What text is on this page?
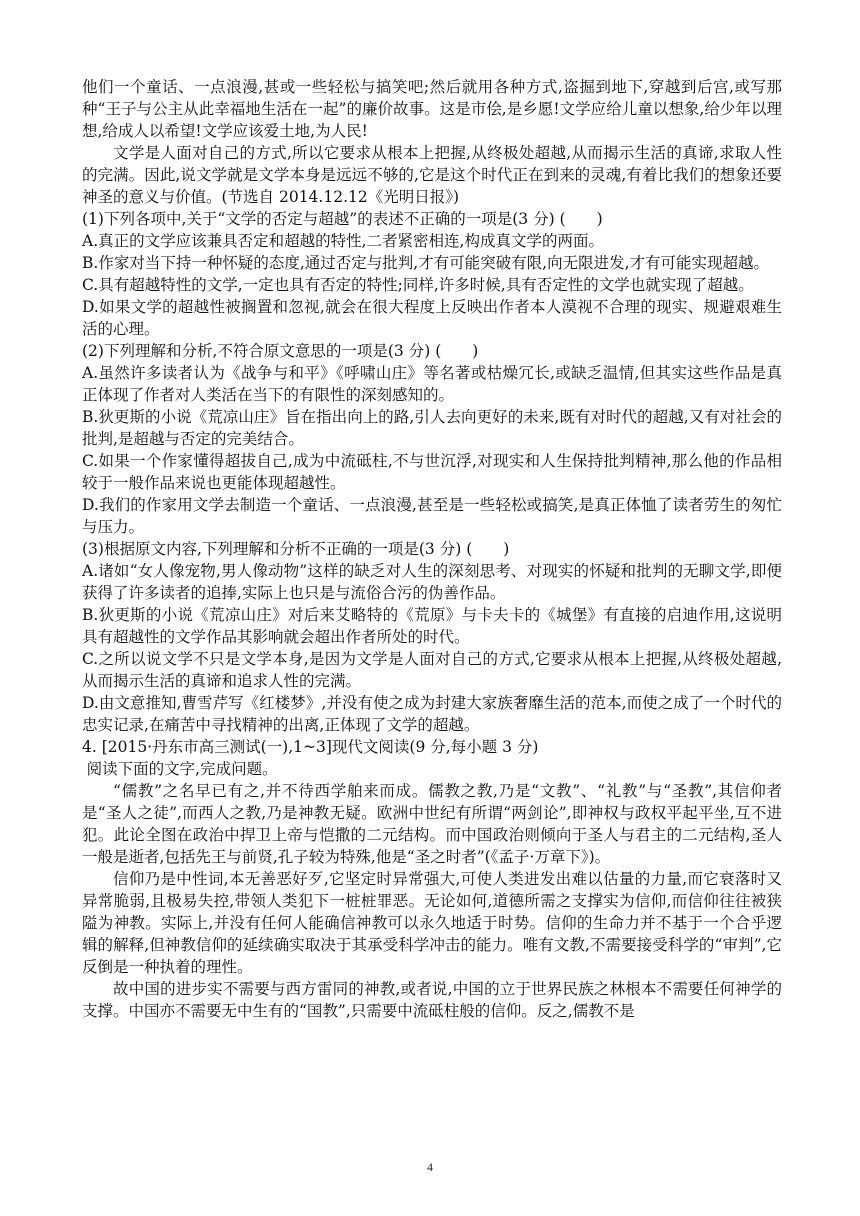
他们一个童话、一点浪漫,甚或一些轻松与搞笑吧;然后就用各种方式,盗掘到地下,穿越到后宫,或写那种“王子与公主从此幸福地生活在一起”的廉价故事。这是市侩,是乡愿!文学应给儿童以想象,给少年以理想,给成人以希望!文学应该爱土地,为人民!

文学是人面对自己的方式,所以它要求从根本上把握,从终极处超越,从而揭示生活的真谛,求取人性的完满。因此,说文学就是文学本身是远远不够的,它是这个时代正在到来的灵魂,有着比我们的想象还要神圣的意义与价值。(节选自 2014.12.12《光明日报》)

(1)下列各项中,关于“文学的否定与超越”的表述不正确的一项是(3 分) (　　)

A.真正的文学应该兼具否定和超越的特性,二者紧密相连,构成真文学的两面。

B.作家对当下持一种怀疑的态度,通过否定与批判,才有可能突破有限,向无限进发,才有可能实现超越。

C.具有超越特性的文学,一定也具有否定的特性;同样,许多时候,具有否定性的文学也就实现了超越。

D.如果文学的超越性被搁置和忽视,就会在很大程度上反映出作者本人漠视不合理的现实、规避艰难生活的心理。

(2)下列理解和分析,不符合原文意思的一项是(3 分) (　　)

A.虽然许多读者认为《战争与和平》《呼啸山庄》等名著或枯燥冗长,或缺乏温情,但其实这些作品是真正体现了作者对人类活在当下的有限性的深刻感知的。

B.狄更斯的小说《荒凉山庄》旨在指出向上的路,引人去向更好的未来,既有对时代的超越,又有对社会的批判,是超越与否定的完美结合。

C.如果一个作家懂得超拔自己,成为中流砥柱,不与世沉浮,对现实和人生保持批判精神,那么他的作品相较于一般作品来说也更能体现超越性。

D.我们的作家用文学去制造一个童话、一点浪漫,甚至是一些轻松或搞笑,是真正体恤了读者劳生的匆忙与压力。

(3)根据原文内容,下列理解和分析不正确的一项是(3 分) (　　)

A.诸如“女人像宠物,男人像动物”这样的缺乏对人生的深刻思考、对现实的怀疑和批判的无聊文学,即便获得了许多读者的追捧,实际上也只是与流俗合污的伪善作品。

B.狄更斯的小说《荒凉山庄》对后来艾略特的《荒原》与卡夫卡的《城堡》有直接的启迪作用,这说明具有超越性的文学作品其影响就会超出作者所处的时代。

C.之所以说文学不只是文学本身,是因为文学是人面对自己的方式,它要求从根本上把握,从终极处超越,从而揭示生活的真谛和追求人性的完满。

D.由文意推知,曹雪芹写《红楼梦》,并没有使之成为封建大家族奢靡生活的范本,而使之成了一个时代的忠实记录,在痛苦中寻找精神的出离,正体现了文学的超越。

4. [2015·丹东市高三测试(一),1~3]现代文阅读(9 分,每小题 3 分)

阅读下面的文字,完成问题。

“儒教”之名早已有之,并不待西学舶来而成。儒教之教,乃是“文教”、“礼教”与“圣教”,其信仰者是“圣人之徒”,而西人之教,乃是神教无疑。欧洲中世纪有所谓“两剑论”,即神权与政权平起平坐,互不进犯。此论全图在政治中捍卫上帝与恺撒的二元结构。而中国政治则倾向于圣人与君主的二元结构,圣人一般是逝者,包括先王与前贤,孔子较为特殊,他是“圣之时者”(《孟子·万章下》)。

信仰乃是中性词,本无善恶好歹,它坚定时异常强大,可使人类进发出难以估量的力量,而它衰落时又异常脆弱,且极易失控,带领人类犯下一桩桩罪恶。无论如何,道德所需之支撑实为信仰,而信仰往往被狭隘为神教。实际上,并没有任何人能确信神教可以永久地适于时势。信仰的生命力并不基于一个合乎逻辑的解释,但神教信仰的延续确实取决于其承受科学冲击的能力。唯有文教,不需要接受科学的“审判”,它反倒是一种执着的理性。

故中国的进步实不需要与西方雷同的神教,或者说,中国的立于世界民族之林根本不需要任何神学的支撑。中国亦不需要无中生有的“国教”,只需要中流砥柱般的信仰。反之,儒教不是

4
